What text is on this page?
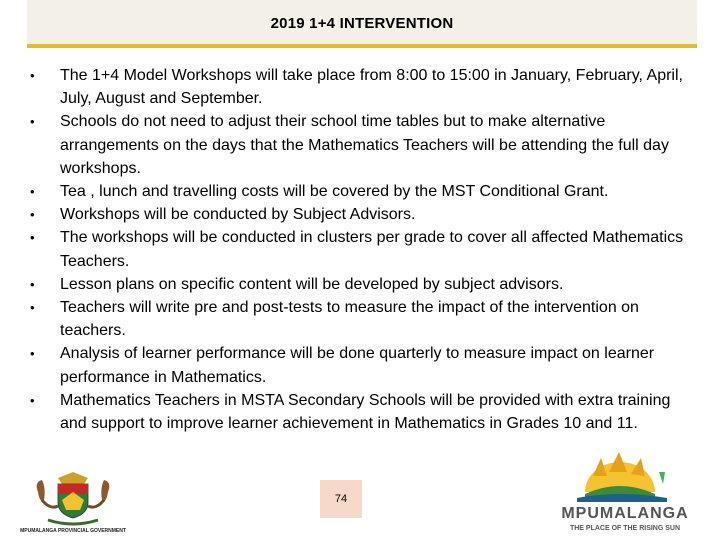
2019 1+4 INTERVENTION
• The 1+4 Model Workshops will take place from 8:00 to 15:00 in January, February, April, July, August and September.
• Schools do not need to adjust their school time tables but to make alternative arrangements on the days that the Mathematics Teachers will be attending the full day workshops.
• Tea , lunch and travelling costs will be covered by the MST Conditional Grant.
• Workshops will be conducted by Subject Advisors.
• The workshops will be conducted in clusters per grade to cover all affected Mathematics Teachers.
• Lesson plans on specific content will be developed by subject advisors.
• Teachers will write pre and post-tests to measure the impact of the intervention on teachers.
• Analysis of learner performance will be done quarterly to measure impact on learner performance in Mathematics.
• Mathematics Teachers in MSTA Secondary Schools will be provided with extra training and support to improve learner achievement in Mathematics in Grades 10 and 11.
MPUMALANGA PROVINCIAL GOVERNMENT
74
MPUMALANGA
THE PLACE OF THE RISING SUN
